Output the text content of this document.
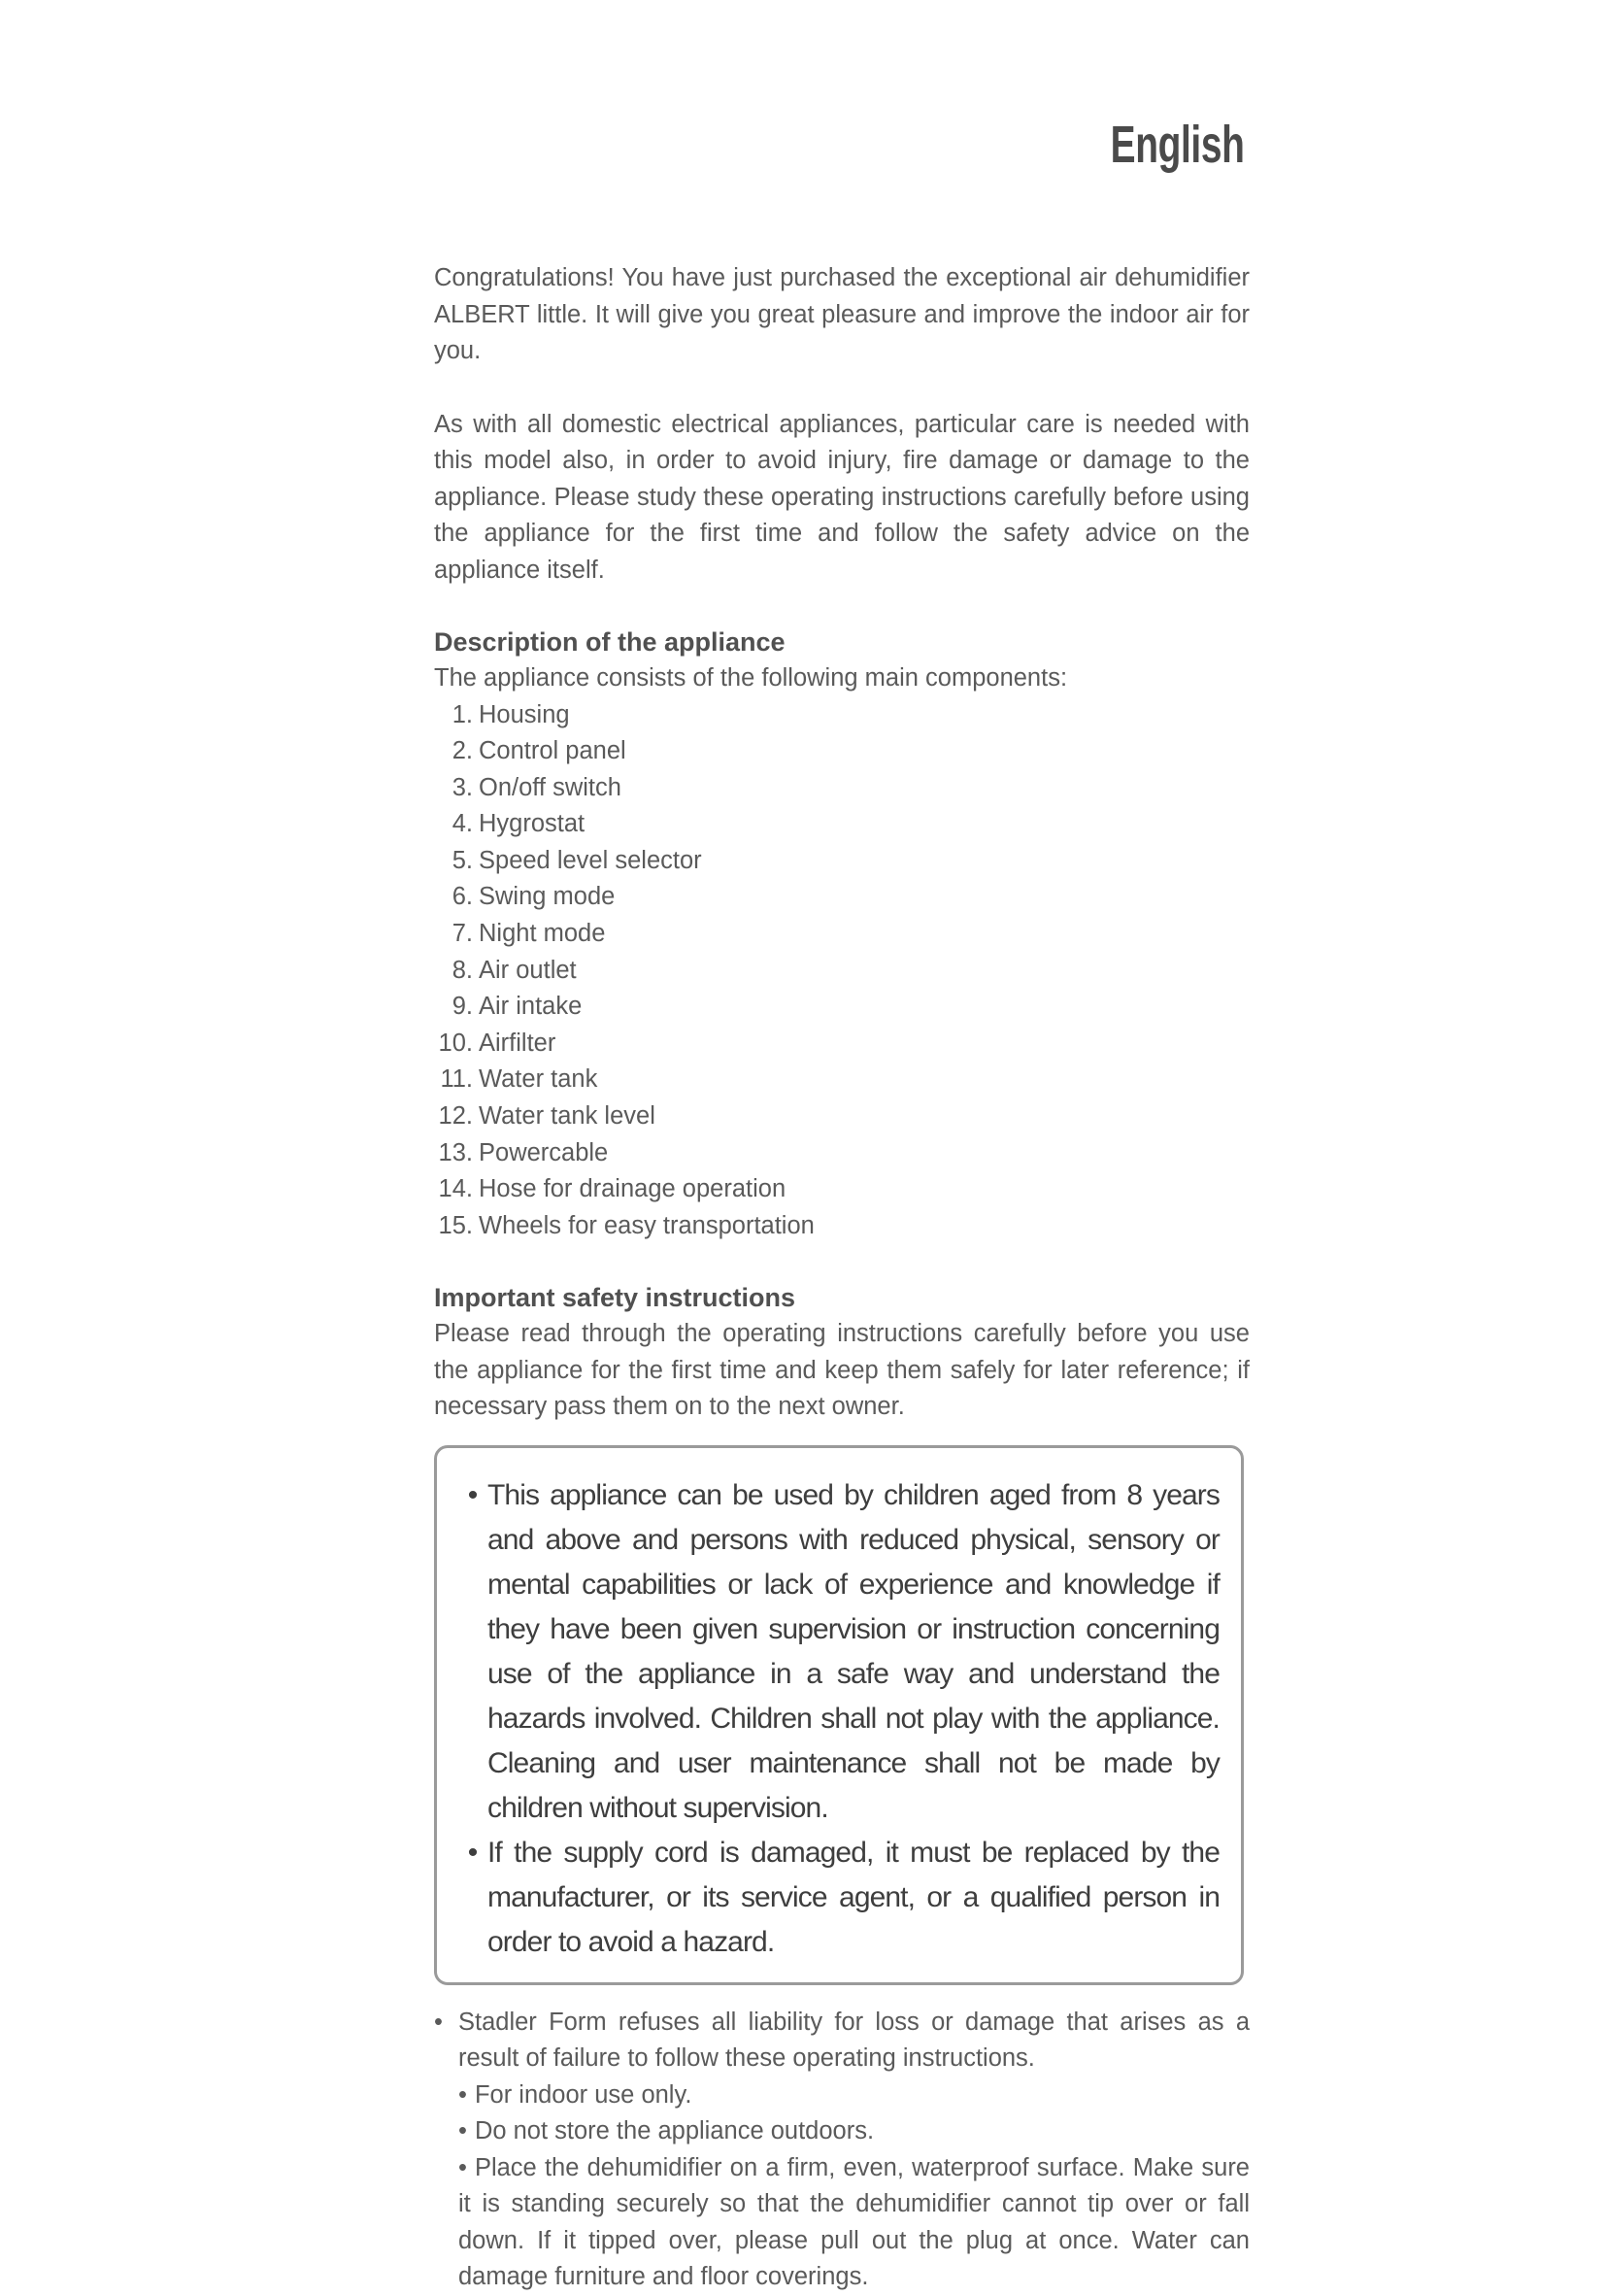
English

Congratulations! You have just purchased the exceptional air dehumidifier ALBERT little. It will give you great pleasure and improve the indoor air for you.

As with all domestic electrical appliances, particular care is needed with this model also, in order to avoid injury, fire damage or damage to the appliance. Please study these operating instructions carefully before using the appliance for the first time and follow the safety advice on the appliance itself.

Description of the appliance

The appliance consists of the following main components:

1. Housing
2. Control panel
3. On/off switch
4. Hygrostat
5. Speed level selector
6. Swing mode
7. Night mode
8. Air outlet
9. Air intake
10. Airfilter
11. Water tank
12. Water tank level
13. Powercable
14. Hose for drainage operation
15. Wheels for easy transportation
Important safety instructions

Please read through the operating instructions carefully before you use the appliance for the first time and keep them safely for later reference; if necessary pass them on to the next owner.

• This appliance can be used by children aged from 8 years and above and persons with reduced physical, sensory or mental capabilities or lack of experience and knowledge if they have been given supervision or instruction concerning use of the appliance in a safe way and understand the hazards involved. Children shall not play with the appliance. Cleaning and user maintenance shall not be made by children without supervision.
• If the supply cord is damaged, it must be replaced by the manufacturer, or its service agent, or a qualified person in order to avoid a hazard.
• Stadler Form refuses all liability for loss or damage that arises as a result of failure to follow these operating instructions.
• For indoor use only.
• Do not store the appliance outdoors.
• Place the dehumidifier on a firm, even, waterproof surface. Make sure it is standing securely so that the dehumidifier cannot tip over or fall down. If it tipped over, please pull out the plug at once. Water can damage furniture and floor coverings.
